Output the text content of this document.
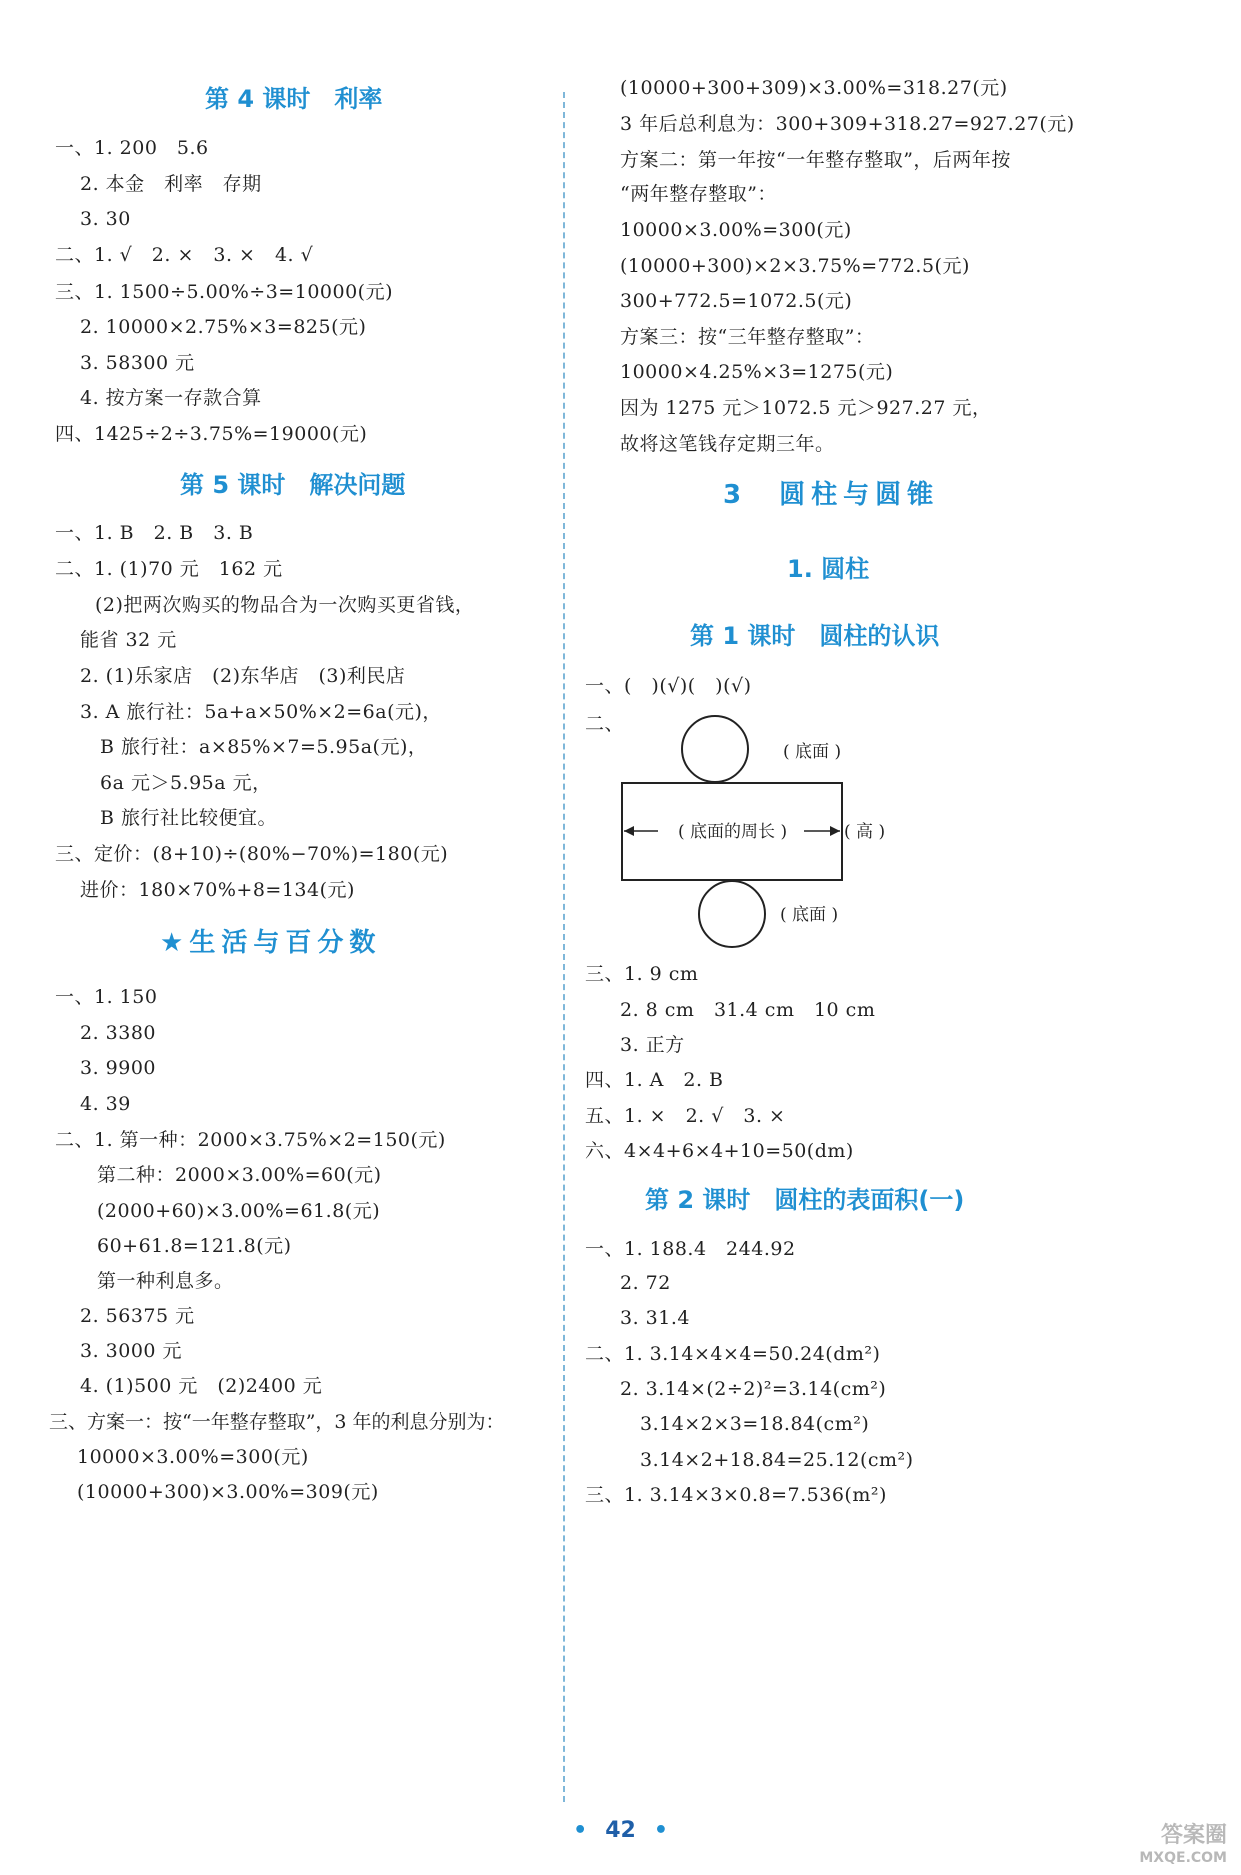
第 4 课时　利率
一、1. 200　5.6
2. 本金　利率　存期
3. 30
二、1. √　2. ×　3. ×　4. √
三、1. 1500÷5.00%÷3=10000(元)
2. 10000×2.75%×3=825(元)
3. 58300 元
4. 按方案一存款合算
四、1425÷2÷3.75%=19000(元)
第 5 课时　解决问题
一、1. B　2. B　3. B
二、1. (1)70 元　162 元
(2)把两次购买的物品合为一次购买更省钱，
能省 32 元
2. (1)乐家店　(2)东华店　(3)利民店
3. A 旅行社：5a+a×50%×2=6a(元)，
B 旅行社：a×85%×7=5.95a(元)，
6a 元＞5.95a 元，
B 旅行社比较便宜。
三、定价：(8+10)÷(80%−70%)=180(元)
进价：180×70%+8=134(元)
★生活与百分数
一、1. 150
2. 3380
3. 9900
4. 39
二、1. 第一种：2000×3.75%×2=150(元)
第二种：2000×3.00%=60(元)
(2000+60)×3.00%=61.8(元)
60+61.8=121.8(元)
第一种利息多。
2. 56375 元
3. 3000 元
4. (1)500 元　(2)2400 元
三、方案一：按“一年整存整取”，3 年的利息分别为：
10000×3.00%=300(元)
(10000+300)×3.00%=309(元)
(10000+300+309)×3.00%=318.27(元)
3 年后总利息为：300+309+318.27=927.27(元)
方案二：第一年按“一年整存整取”，后两年按
“两年整存整取”：
10000×3.00%=300(元)
(10000+300)×2×3.75%=772.5(元)
300+772.5=1072.5(元)
方案三：按“三年整存整取”：
10000×4.25%×3=1275(元)
因为 1275 元＞1072.5 元＞927.27 元，
故将这笔钱存定期三年。
3　圆柱与圆锥
1. 圆柱
第 1 课时　圆柱的认识
一、(　)(√)(　)(√)
二、
( 底面 )
( 底面的周长 )	( 高 )
( 底面 )
三、1. 9 cm
2. 8 cm　31.4 cm　10 cm
3. 正方
四、1. A　2. B
五、1. ×　2. √　3. ×
六、4×4+6×4+10=50(dm)
第 2 课时　圆柱的表面积(一)
一、1. 188.4　244.92
2. 72
3. 31.4
二、1. 3.14×4×4=50.24(dm²)
2. 3.14×(2÷2)²=3.14(cm²)
3.14×2×3=18.84(cm²)
3.14×2+18.84=25.12(cm²)
三、1. 3.14×3×0.8=7.536(m²)
• 42 •	答案圈
MXQE.COM
